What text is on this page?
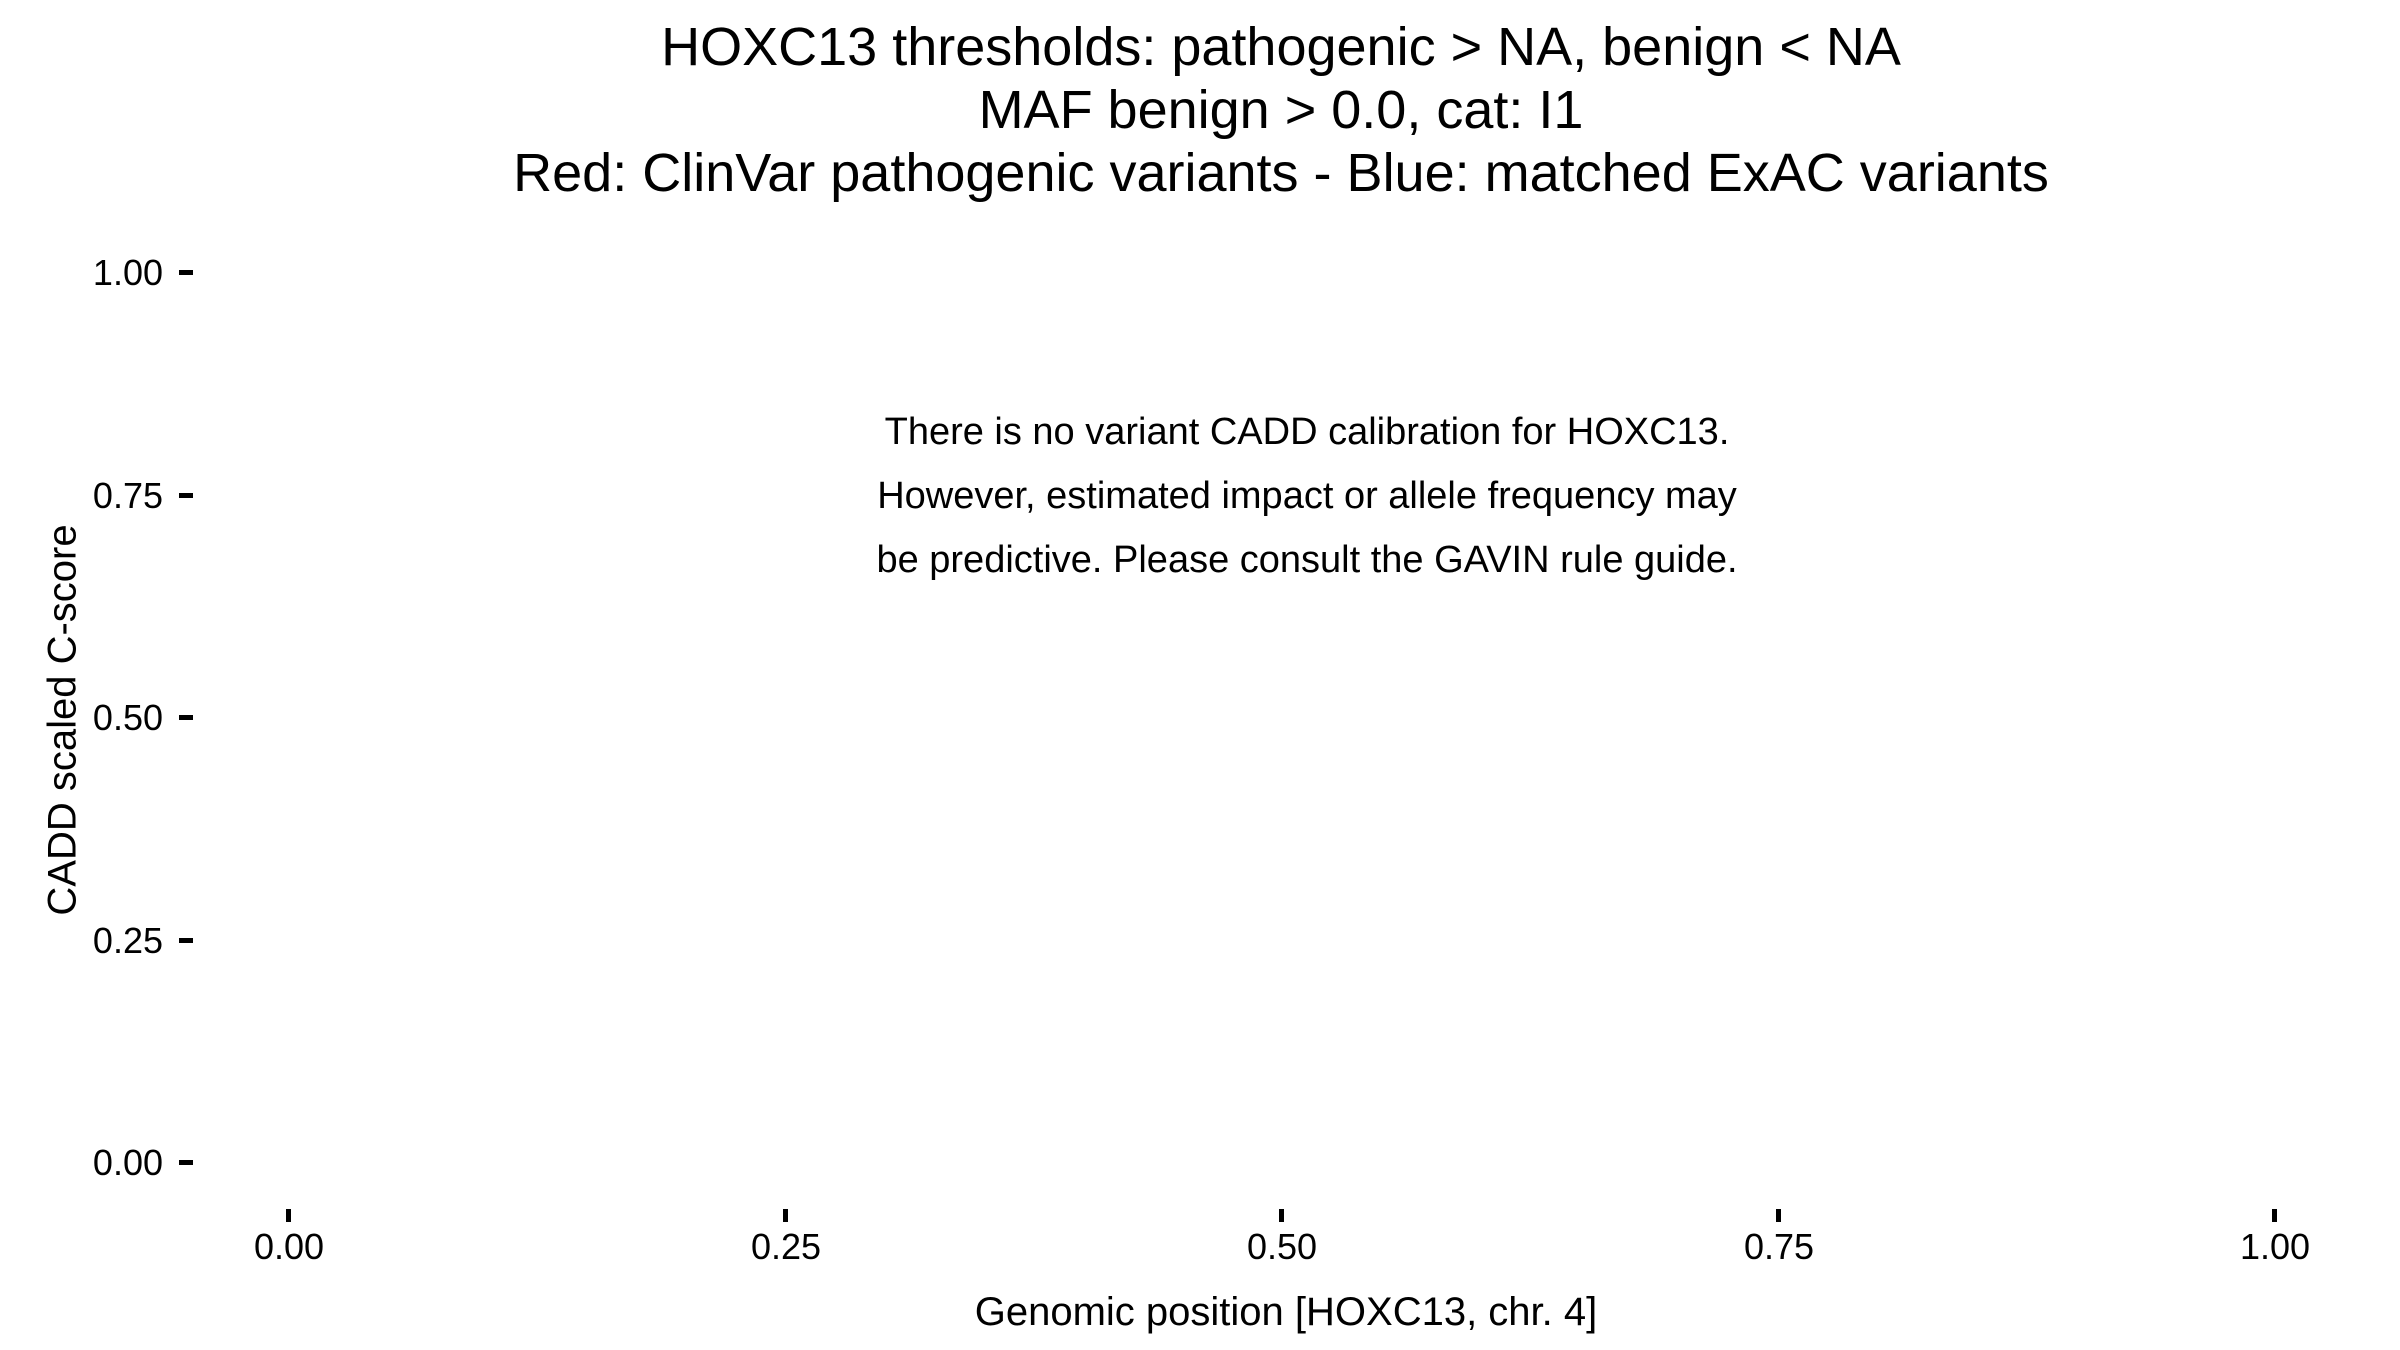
HOXC13 thresholds: pathogenic > NA, benign < NA
MAF benign > 0.0, cat: I1
Red: ClinVar pathogenic variants - Blue: matched ExAC variants
There is no variant CADD calibration for HOXC13.
However, estimated impact or allele frequency may
be predictive. Please consult the GAVIN rule guide.
CADD scaled C-score
1.00
0.75
0.50
0.25
0.00
0.00	0.25	0.50	0.75	1.00
Genomic position [HOXC13, chr. 4]
